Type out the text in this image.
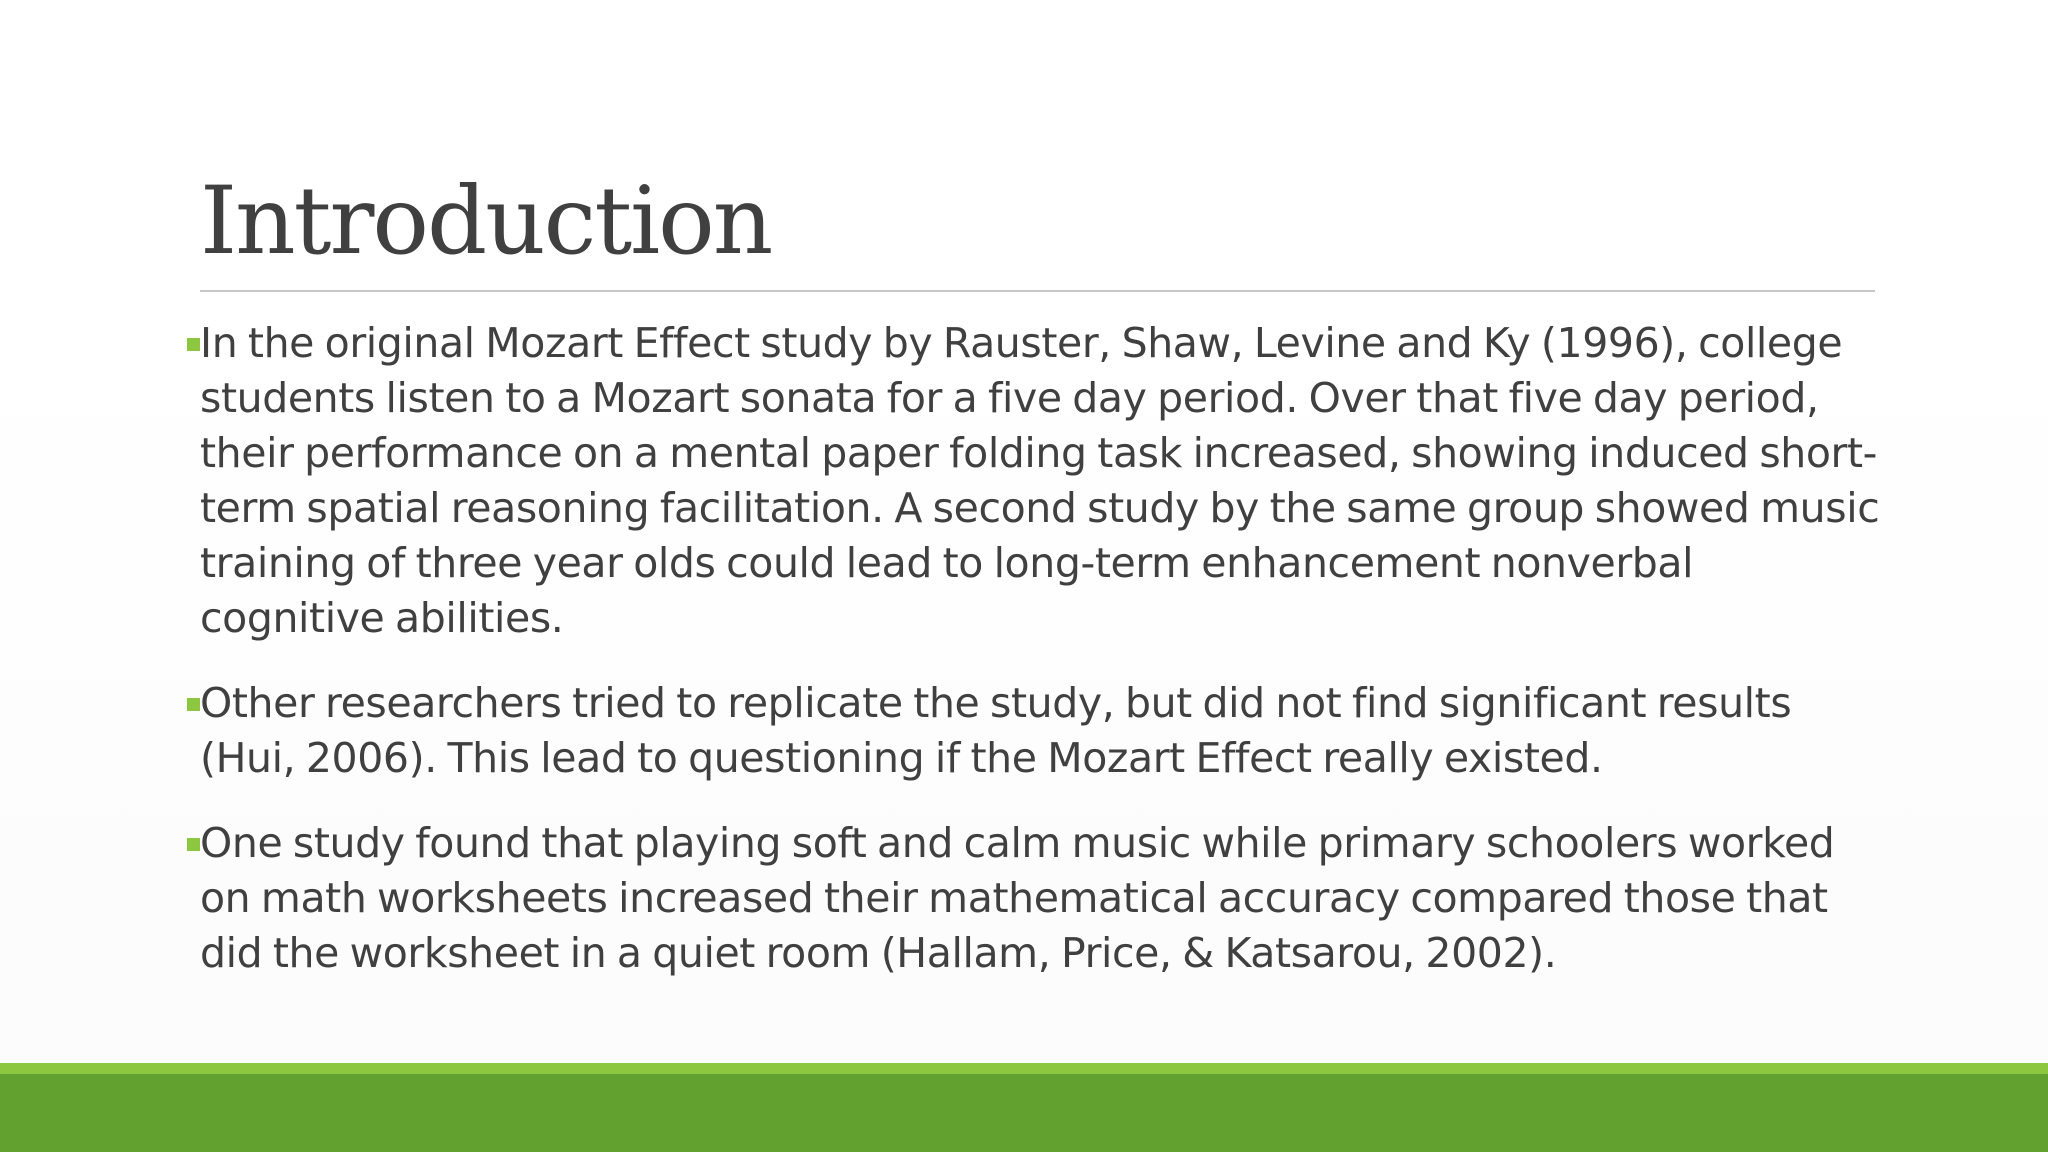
Introduction
In the original Mozart Effect study by Rauster, Shaw, Levine and Ky (1996), college students listen to a Mozart sonata for a five day period. Over that five day period, their performance on a mental paper folding task increased, showing induced short-term spatial reasoning facilitation. A second study by the same group showed music training of three year olds could lead to long-term enhancement nonverbal cognitive abilities.
Other researchers tried to replicate the study, but did not find significant results (Hui, 2006). This lead to questioning if the Mozart Effect really existed.
One study found that playing soft and calm music while primary schoolers worked on math worksheets increased their mathematical accuracy compared those that did the worksheet in a quiet room (Hallam, Price, & Katsarou, 2002).
